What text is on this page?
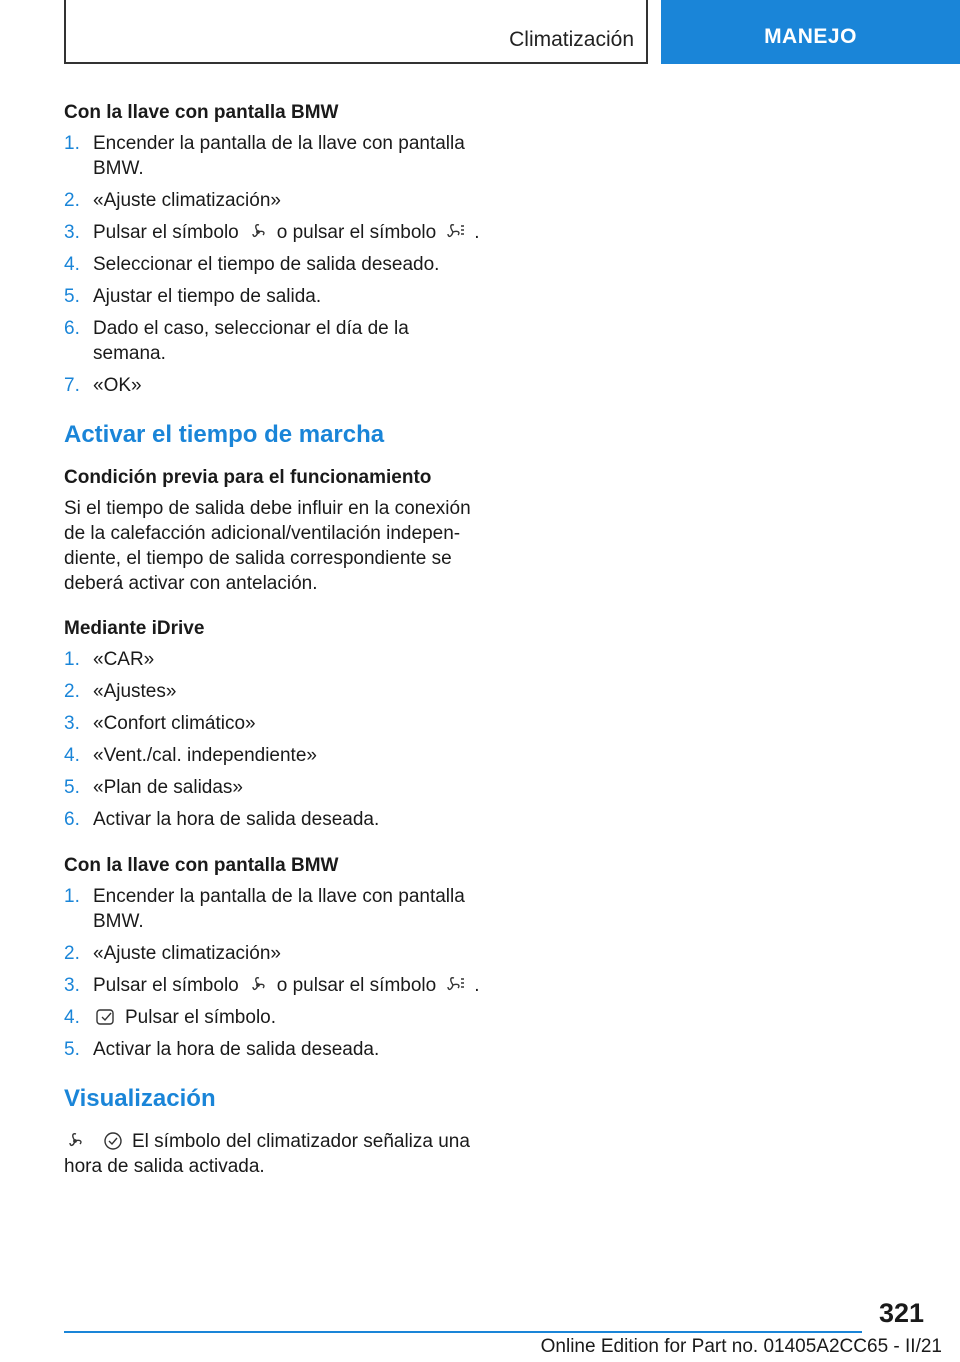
Climatización	MANEJO
Con la llave con pantalla BMW
1. Encender la pantalla de la llave con pantalla BMW.
2. «Ajuste climatización»
3. Pulsar el símbolo o pulsar el símbolo .
4. Seleccionar el tiempo de salida deseado.
5. Ajustar el tiempo de salida.
6. Dado el caso, seleccionar el día de la semana.
7. «OK»
Activar el tiempo de marcha
Condición previa para el funcionamiento
Si el tiempo de salida debe influir en la conexión de la calefacción adicional/ventilación independiente, el tiempo de salida correspondiente se deberá activar con antelación.
Mediante iDrive
1. «CAR»
2. «Ajustes»
3. «Confort climático»
4. «Vent./cal. independiente»
5. «Plan de salidas»
6. Activar la hora de salida deseada.
Con la llave con pantalla BMW
1. Encender la pantalla de la llave con pantalla BMW.
2. «Ajuste climatización»
3. Pulsar el símbolo o pulsar el símbolo .
4.	Pulsar el símbolo.
5. Activar la hora de salida deseada.
Visualización
El símbolo del climatizador señaliza una hora de salida activada.
321
Online Edition for Part no. 01405A2CC65 - II/21
